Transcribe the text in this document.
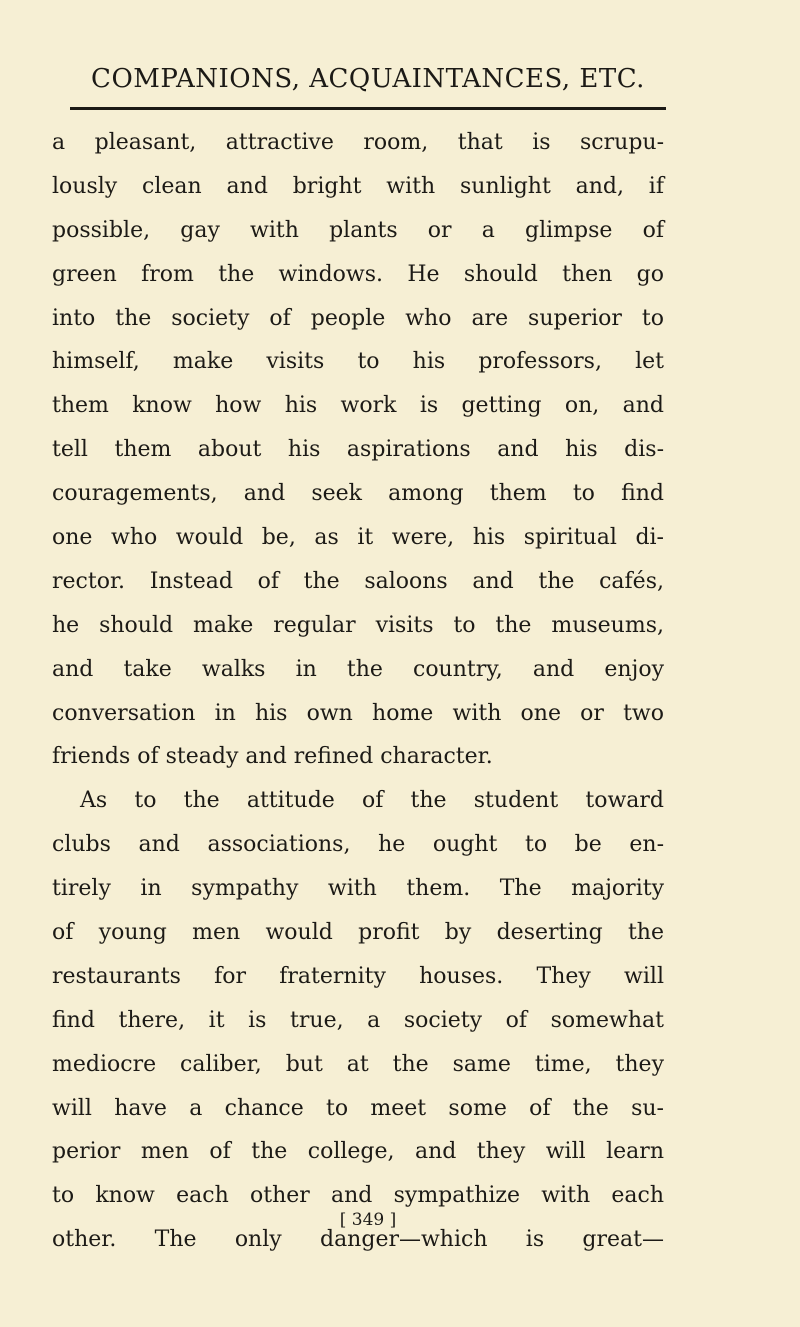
COMPANIONS, ACQUAINTANCES, ETC.
a pleasant, attractive room, that is scrupu-
lously clean and bright with sunlight and, if
possible, gay with plants or a glimpse of
green from the windows. He should then go
into the society of people who are superior to
himself, make visits to his professors, let
them know how his work is getting on, and
tell them about his aspirations and his dis-
couragements, and seek among them to find
one who would be, as it were, his spiritual di-
rector. Instead of the saloons and the cafés,
he should make regular visits to the museums,
and take walks in the country, and enjoy
conversation in his own home with one or two
friends of steady and refined character.
As to the attitude of the student toward
clubs and associations, he ought to be en-
tirely in sympathy with them. The majority
of young men would profit by deserting the
restaurants for fraternity houses. They will
find there, it is true, a society of somewhat
mediocre caliber, but at the same time, they
will have a chance to meet some of the su-
perior men of the college, and they will learn
to know each other and sympathize with each
other. The only danger—which is great—
[ 349 ]
